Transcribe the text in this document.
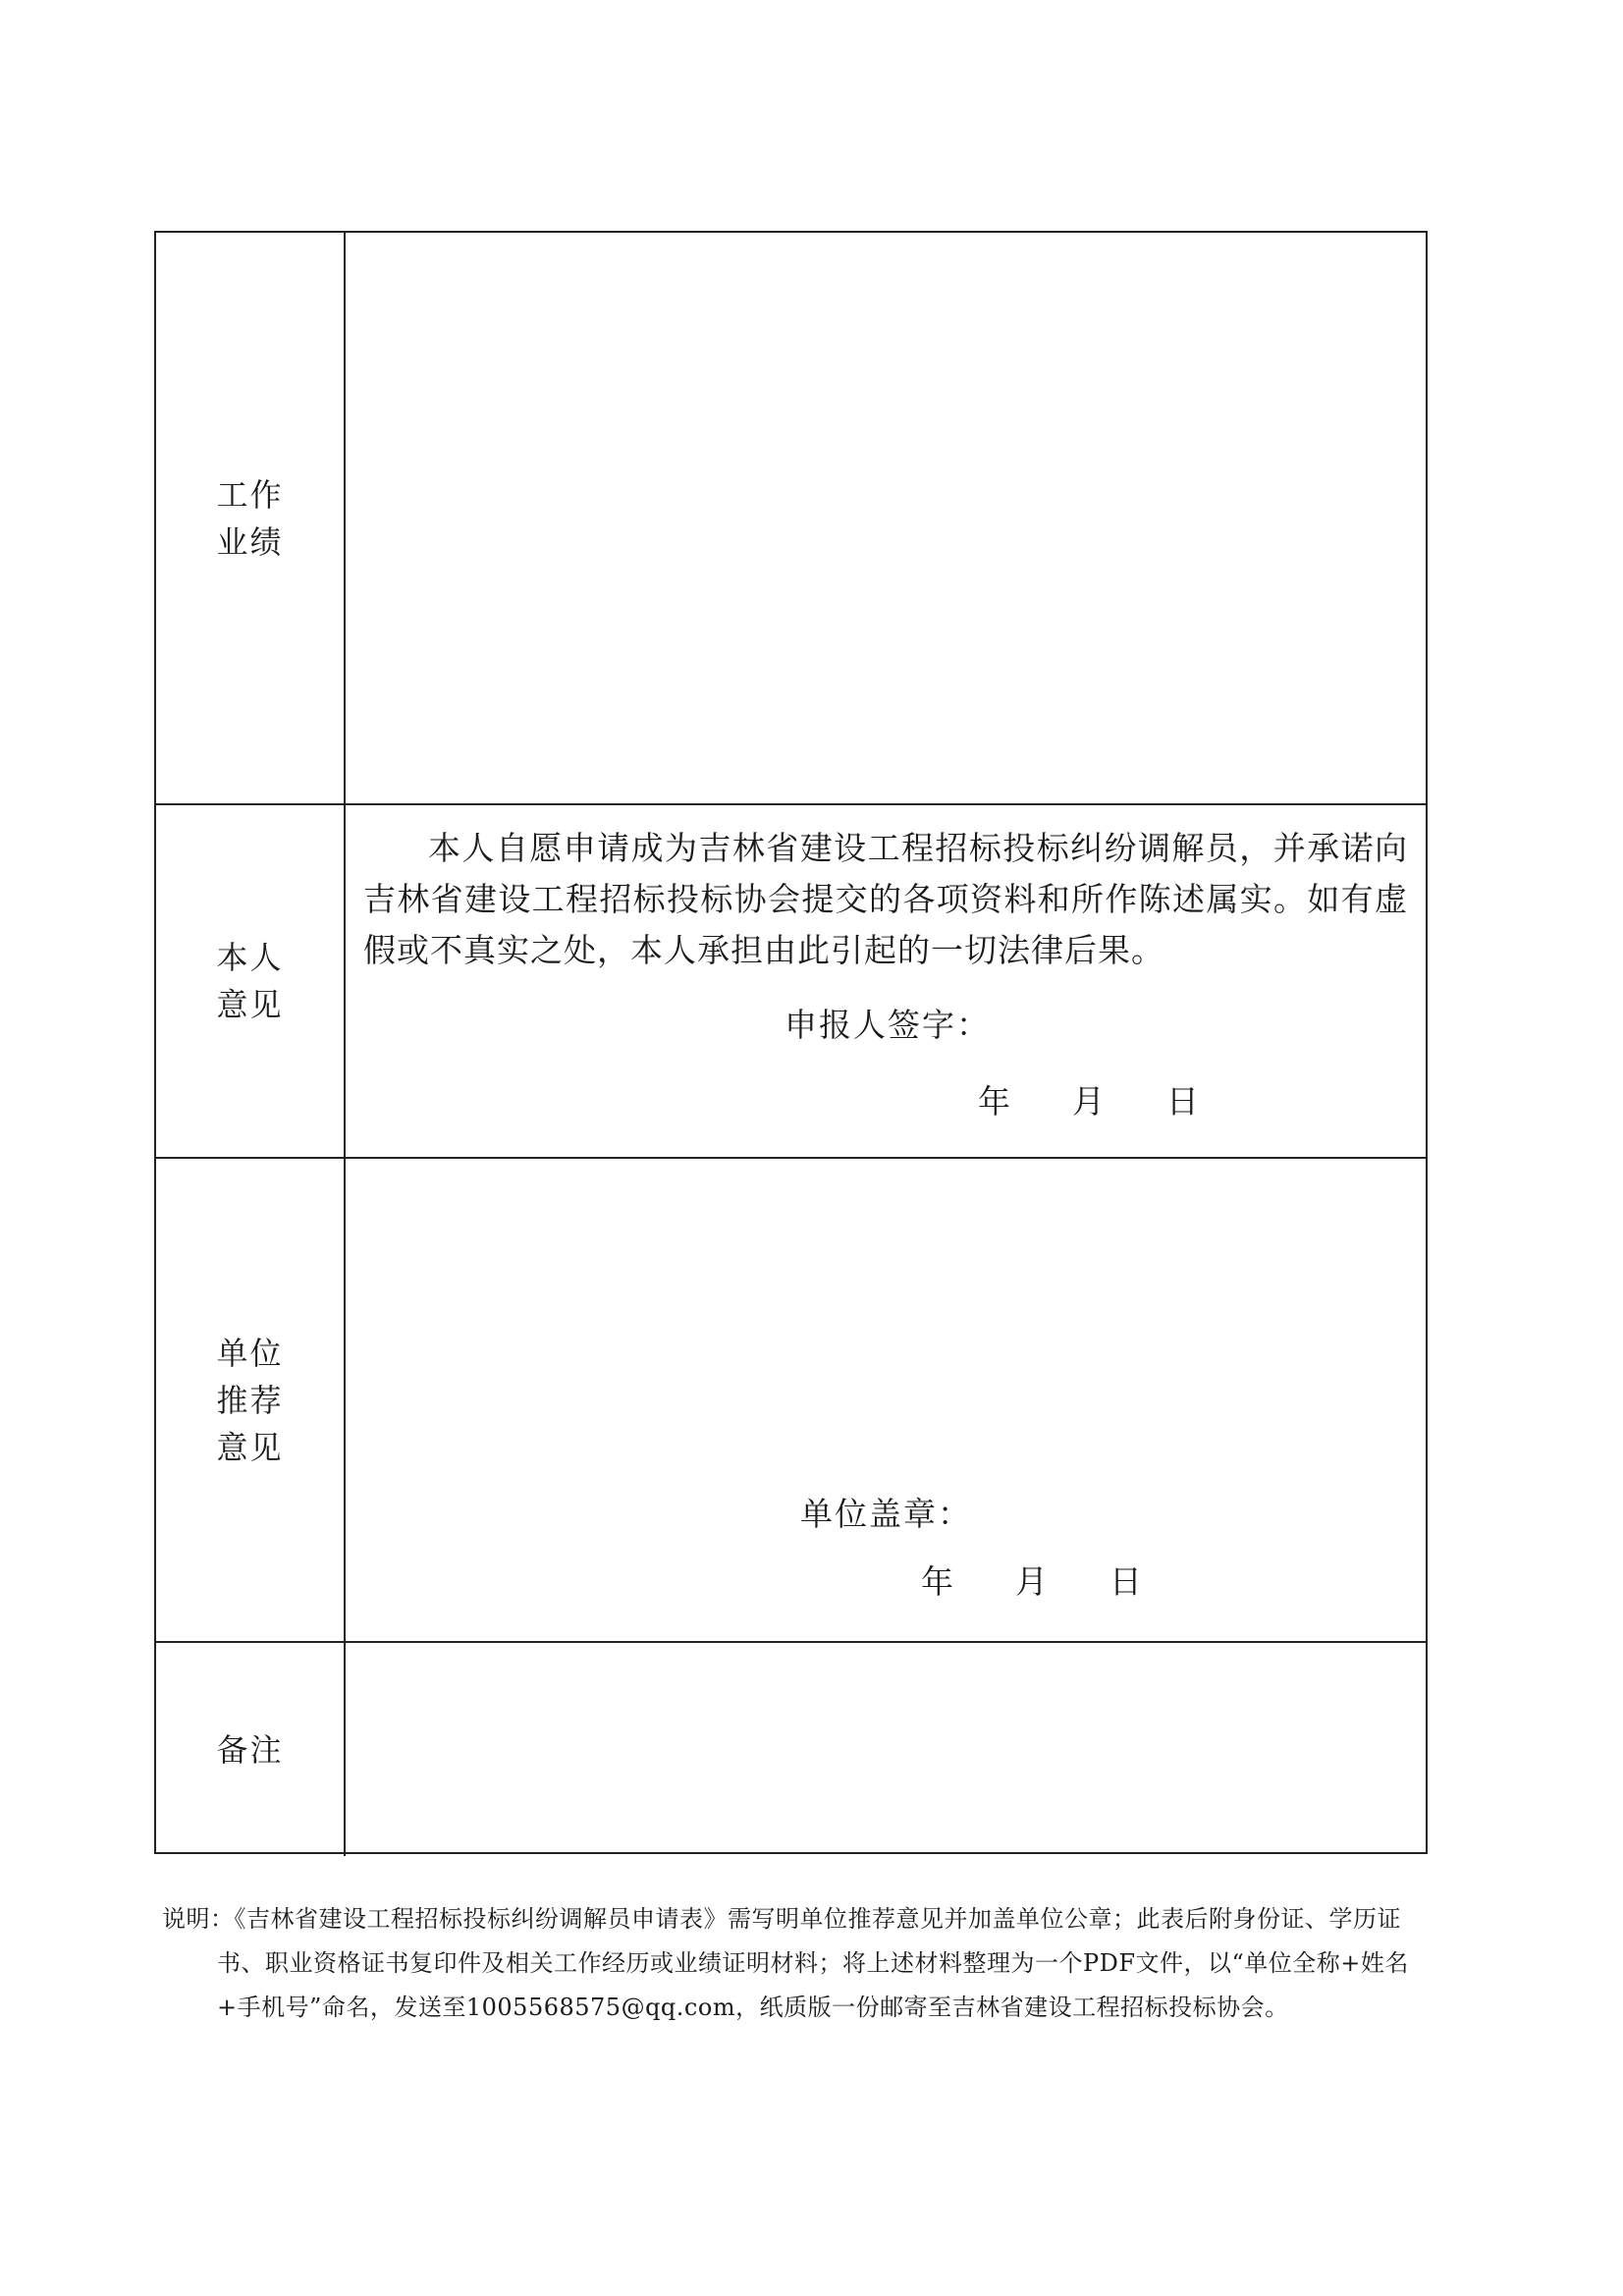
工作
业绩
本人
意见
本人自愿申请成为吉林省建设工程招标投标纠纷调解员，并承诺向吉林省建设工程招标投标协会提交的各项资料和所作陈述属实。如有虚假或不真实之处，本人承担由此引起的一切法律后果。
申报人签字：
年      月      日
单位
推荐
意见
单位盖章：
年      月      日
备注

说明：《吉林省建设工程招标投标纠纷调解员申请表》需写明单位推荐意见并加盖单位公章；此表后附身份证、学历证书、职业资格证书复印件及相关工作经历或业绩证明材料；将上述材料整理为一个PDF文件，以“单位全称+姓名+手机号”命名，发送至1005568575@qq.com，纸质版一份邮寄至吉林省建设工程招标投标协会。
